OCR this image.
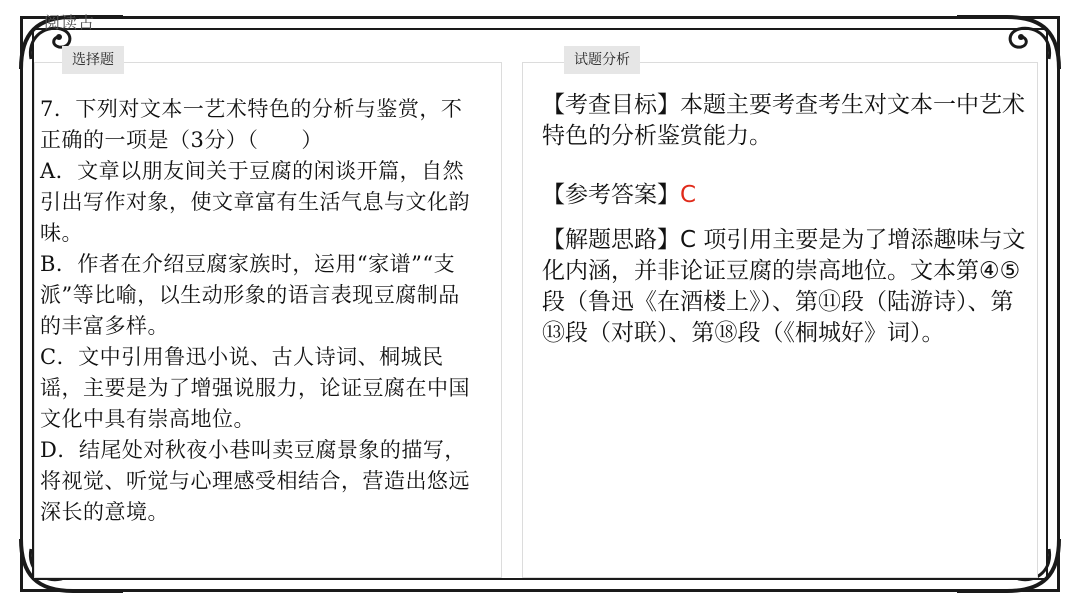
阅读古
选择题	试题分析

7．下列对文本一艺术特色的分析与鉴赏，不正确的一项是（3分）（　　）

A．文章以朋友间关于豆腐的闲谈开篇，自然引出写作对象，使文章富有生活气息与文化韵味。

B．作者在介绍豆腐家族时，运用“家谱”“支派”等比喻，以生动形象的语言表现豆腐制品的丰富多样。

C．文中引用鲁迅小说、古人诗词、桐城民谣，主要是为了增强说服力，论证豆腐在中国文化中具有崇高地位。

D．结尾处对秋夜小巷叫卖豆腐景象的描写，将视觉、听觉与心理感受相结合，营造出悠远深长的意境。

【考查目标】本题主要考查考生对文本一中艺术特色的分析鉴赏能力。

【参考答案】C

【解题思路】C 项引用主要是为了增添趣味与文化内涵，并非论证豆腐的崇高地位。文本第④⑤段（鲁迅《在酒楼上》）、第⑪段（陆游诗）、第⑬段（对联）、第⑱段（《桐城好》词）。
